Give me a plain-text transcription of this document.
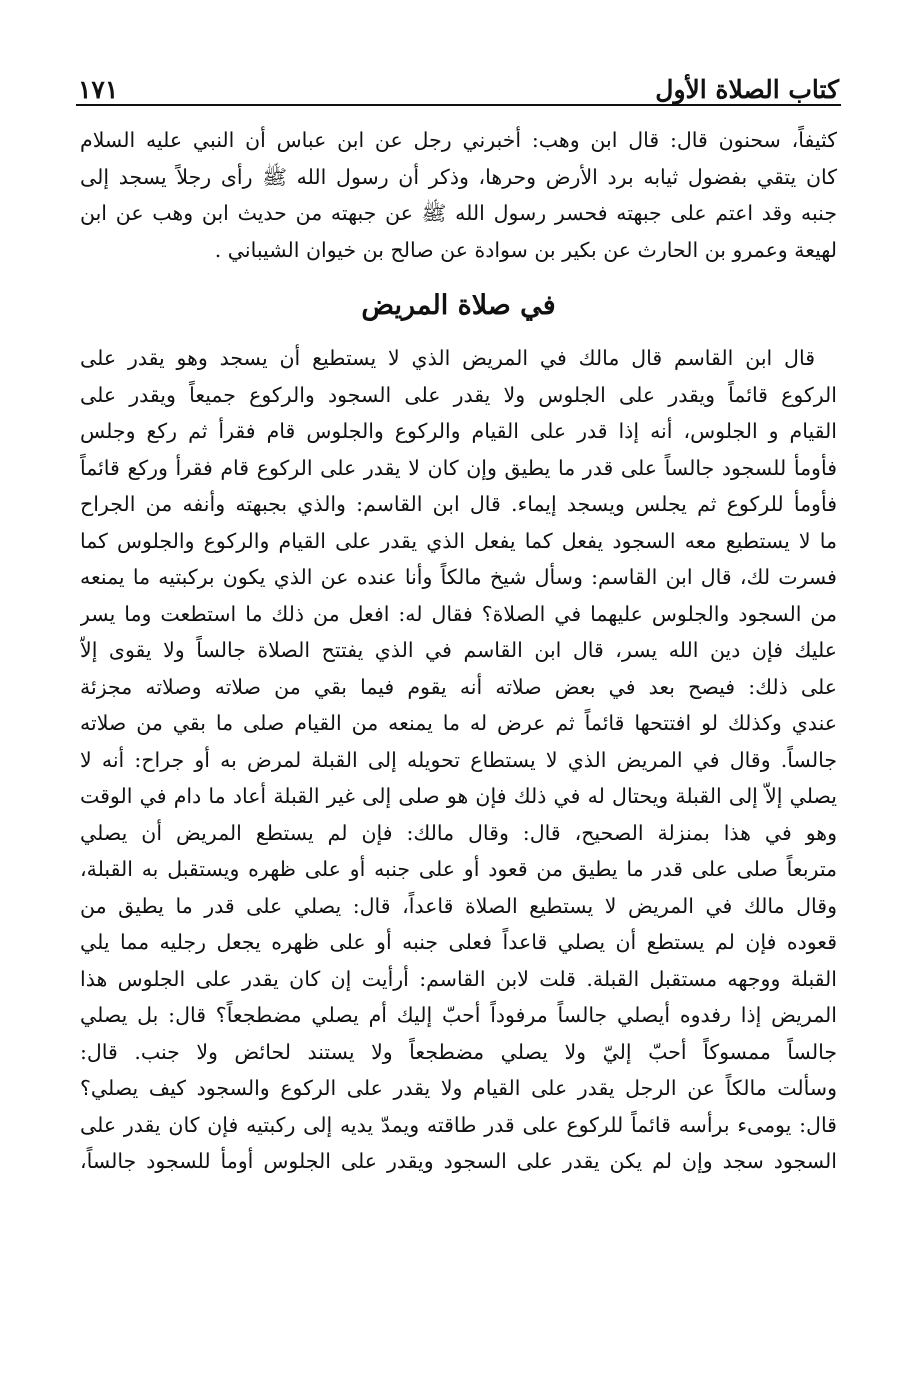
كتاب الصلاة الأول
١٧١
كثيفاً، سحنون قال: قال ابن وهب: أخبرني رجل عن ابن عباس أن النبي عليه السلام
كان يتقي بفضول ثيابه برد الأرض وحرها، وذكر أن رسول الله ﷺ رأى رجلاً يسجد إلى
جنبه وقد اعتم على جبهته فحسر رسول الله ﷺ عن جبهته من حديث ابن وهب عن ابن
لهيعة وعمرو بن الحارث عن بكير بن سوادة عن صالح بن خيوان الشيباني .
في صلاة المريض
قال ابن القاسم قال مالك في المريض الذي لا يستطيع أن يسجد وهو يقدر على
الركوع قائماً ويقدر على الجلوس ولا يقدر على السجود والركوع جميعاً ويقدر على
القيام و الجلوس، أنه إذا قدر على القيام والركوع والجلوس قام فقرأ ثم ركع وجلس
فأومأ للسجود جالساً على قدر ما يطيق وإن كان لا يقدر على الركوع قام فقرأ وركع قائماً
فأومأ للركوع ثم يجلس ويسجد إيماء. قال ابن القاسم: والذي بجبهته وأنفه من الجراح
ما لا يستطيع معه السجود يفعل كما يفعل الذي يقدر على القيام والركوع والجلوس كما
فسرت لك، قال ابن القاسم: وسأل شيخ مالكاً وأنا عنده عن الذي يكون بركبتيه ما يمنعه
من السجود والجلوس عليهما في الصلاة؟ فقال له: افعل من ذلك ما استطعت وما يسر
عليك فإن دين الله يسر، قال ابن القاسم في الذي يفتتح الصلاة جالساً ولا يقوى إلاّ
على ذلك: فيصح بعد في بعض صلاته أنه يقوم فيما بقي من صلاته وصلاته مجزئة
عندي وكذلك لو افتتحها قائماً ثم عرض له ما يمنعه من القيام صلى ما بقي من صلاته
جالساً. وقال في المريض الذي لا يستطاع تحويله إلى القبلة لمرض به أو جراح: أنه لا
يصلي إلاّ إلى القبلة ويحتال له في ذلك فإن هو صلى إلى غير القبلة أعاد ما دام في الوقت
وهو في هذا بمنزلة الصحيح، قال: وقال مالك: فإن لم يستطع المريض أن يصلي
متربعاً صلى على قدر ما يطيق من قعود أو على جنبه أو على ظهره ويستقبل به القبلة،
وقال مالك في المريض لا يستطيع الصلاة قاعداً، قال: يصلي على قدر ما يطيق من
قعوده فإن لم يستطع أن يصلي قاعداً فعلى جنبه أو على ظهره يجعل رجليه مما يلي
القبلة ووجهه مستقبل القبلة. قلت لابن القاسم: أرأيت إن كان يقدر على الجلوس هذا
المريض إذا رفدوه أيصلي جالساً مرفوداً أحبّ إليك أم يصلي مضطجعاً؟ قال: بل يصلي
جالساً ممسوكاً أحبّ إليّ ولا يصلي مضطجعاً ولا يستند لحائض ولا جنب. قال:
وسألت مالكاً عن الرجل يقدر على القيام ولا يقدر على الركوع والسجود كيف يصلي؟
قال: يومىء برأسه قائماً للركوع على قدر طاقته ويمدّ يديه إلى ركبتيه فإن كان يقدر على
السجود سجد وإن لم يكن يقدر على السجود ويقدر على الجلوس أومأ للسجود جالساً،
